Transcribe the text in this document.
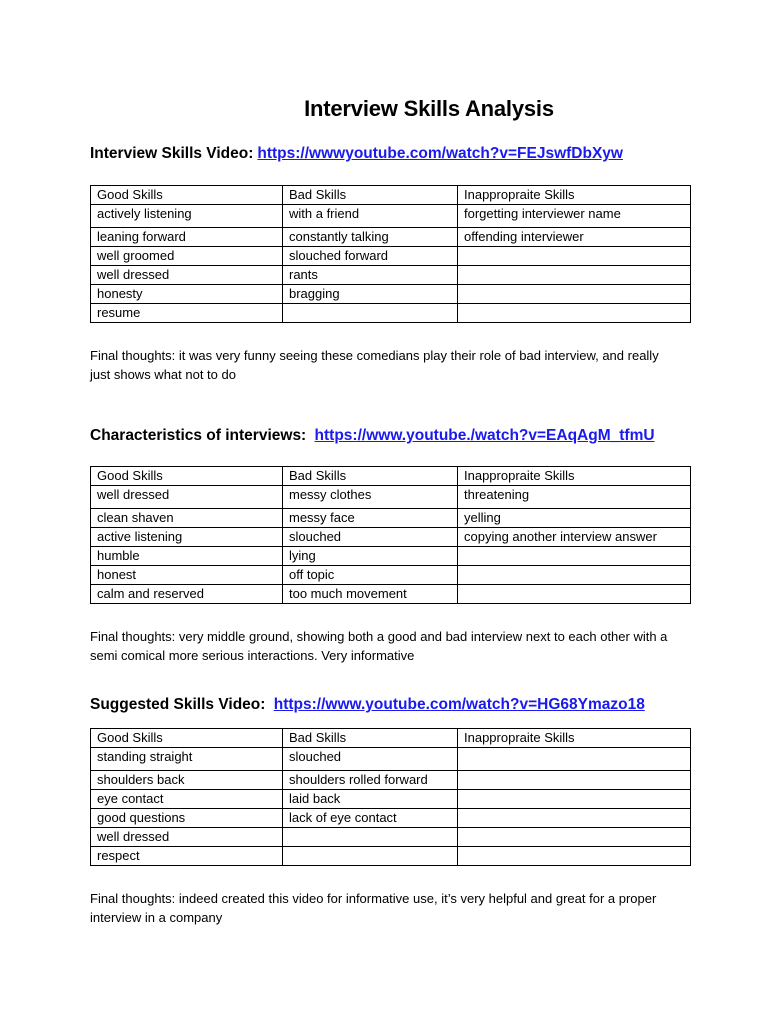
Interview Skills Analysis
Interview Skills Video: https://wwwyoutube.com/watch?v=FEJswfDbXyw
Good Skills	Bad Skills	Inappropraite Skills
actively listening	with a friend	forgetting interviewer name
leaning forward	constantly talking	offending interviewer
well groomed	slouched forward	
well dressed	rants	
honesty	bragging	
resume		
Final thoughts: it was very funny seeing these comedians play their role of bad interview, and really just shows what not to do
Characteristics of interviews: https://www.youtube./watch?v=EAqAgM_tfmU
Good Skills	Bad Skills	Inappropraite Skills
well dressed	messy clothes	threatening
clean shaven	messy face	yelling
active listening	slouched	copying another interview answer
humble	lying	
honest	off topic	
calm and reserved	too much movement	
Final thoughts: very middle ground, showing both a good and bad interview next to each other with a semi comical more serious interactions. Very informative
Suggested Skills Video: https://www.youtube.com/watch?v=HG68Ymazo18
Good Skills	Bad Skills	Inappropraite Skills
standing straight	slouched	
shoulders back	shoulders rolled forward	
eye contact	laid back	
good questions	lack of eye contact	
well dressed		
respect		
Final thoughts: indeed created this video for informative use, it’s very helpful and great for a proper interview in a company
